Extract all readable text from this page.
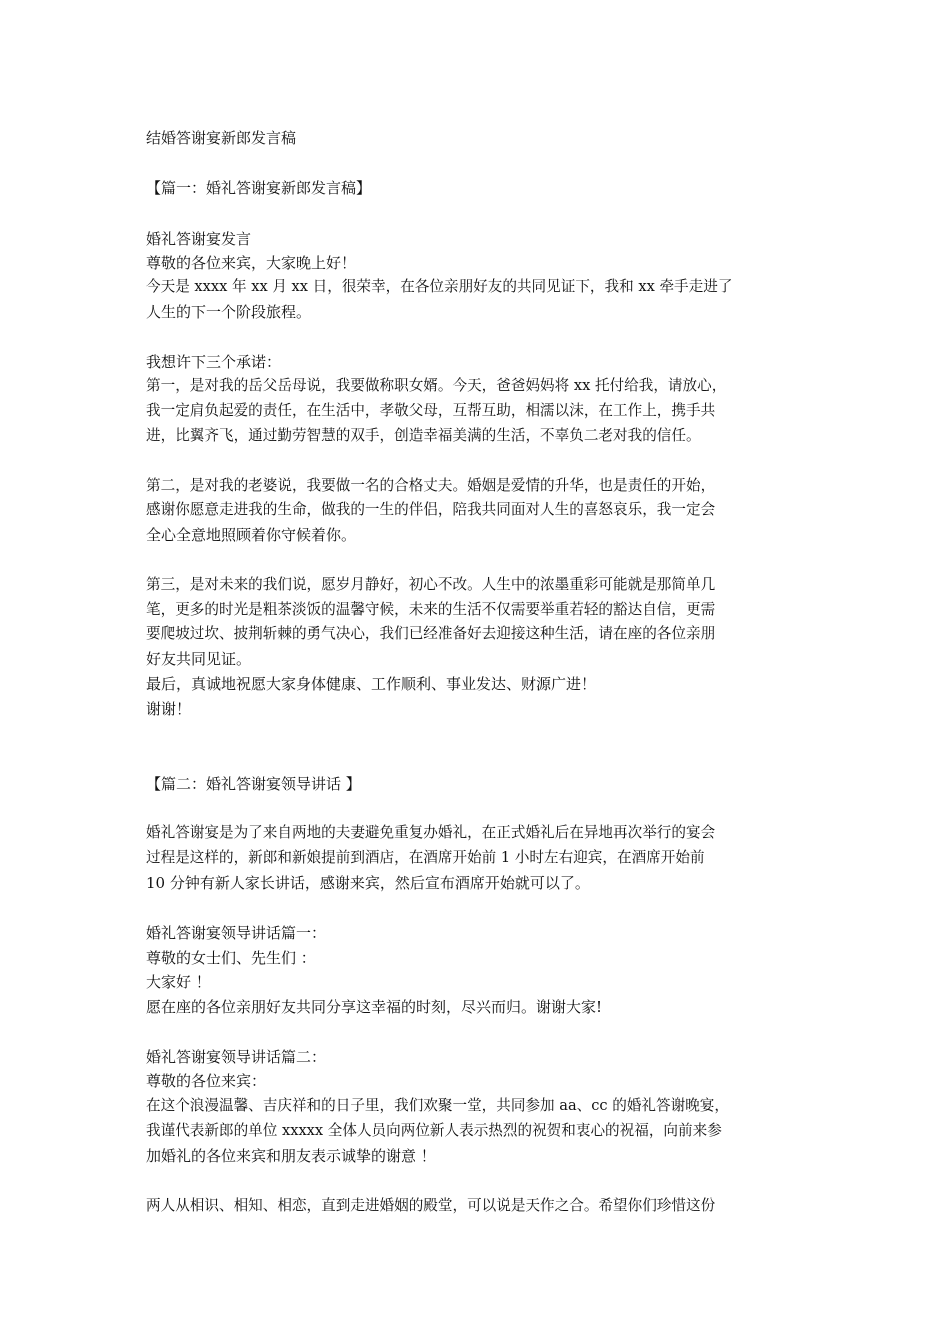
结婚答谢宴新郎发言稿
【篇一：婚礼答谢宴新郎发言稿】
婚礼答谢宴发言
尊敬的各位来宾，大家晚上好！
今天是 xxxx 年 xx 月 xx 日，很荣幸，在各位亲朋好友的共同见证下，我和 xx 牵手走进了
人生的下一个阶段旅程。
我想许下三个承诺：
第一，是对我的岳父岳母说，我要做称职女婿。今天，爸爸妈妈将 xx 托付给我，请放心，
我一定肩负起爱的责任，在生活中，孝敬父母，互帮互助，相濡以沫，在工作上，携手共
进，比翼齐飞，通过勤劳智慧的双手，创造幸福美满的生活，不辜负二老对我的信任。
第二，是对我的老婆说，我要做一名的合格丈夫。婚姻是爱情的升华，也是责任的开始，
感谢你愿意走进我的生命，做我的一生的伴侣，陪我共同面对人生的喜怒哀乐，我一定会
全心全意地照顾着你守候着你。
第三，是对未来的我们说，愿岁月静好，初心不改。人生中的浓墨重彩可能就是那简单几
笔，更多的时光是粗茶淡饭的温馨守候，未来的生活不仅需要举重若轻的豁达自信，更需
要爬坡过坎、披荆斩棘的勇气决心，我们已经准备好去迎接这种生活，请在座的各位亲朋
好友共同见证。
最后，真诚地祝愿大家身体健康、工作顺利、事业发达、财源广进！
谢谢！
【篇二：婚礼答谢宴领导讲话 】
婚礼答谢宴是为了来自两地的夫妻避免重复办婚礼，在正式婚礼后在异地再次举行的宴会
过程是这样的，新郎和新娘提前到酒店，在酒席开始前 1 小时左右迎宾，在酒席开始前
10 分钟有新人家长讲话，感谢来宾，然后宣布酒席开始就可以了。
婚礼答谢宴领导讲话篇一：
尊敬的女士们、先生们 ：
大家好 ！
愿在座的各位亲朋好友共同分享这幸福的时刻，尽兴而归。谢谢大家!
婚礼答谢宴领导讲话篇二：
尊敬的各位来宾：
在这个浪漫温馨、吉庆祥和的日子里，我们欢聚一堂，共同参加 aa、cc 的婚礼答谢晚宴，
我谨代表新郎的单位 xxxxx 全体人员向两位新人表示热烈的祝贺和衷心的祝福，向前来参
加婚礼的各位来宾和朋友表示诚挚的谢意 ！
两人从相识、相知、相恋，直到走进婚姻的殿堂，可以说是天作之合。希望你们珍惜这份
